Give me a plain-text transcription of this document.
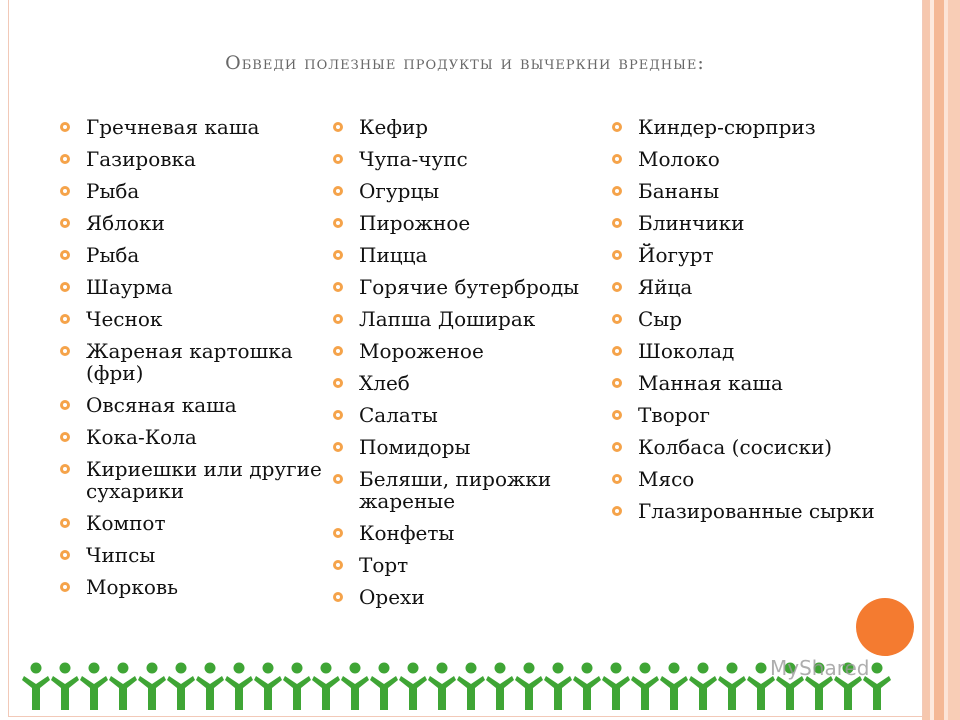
Обведи полезные продукты и вычеркни вредные:
Гречневая каша
Газировка
Рыба
Яблоки
Рыба
Шаурма
Чеснок
Жареная картошка (фри)
Овсяная каша
Кока-Кола
Кириешки или другие сухарики
Компот
Чипсы
Морковь
Кефир
Чупа-чупс
Огурцы
Пирожное
Пицца
Горячие бутерброды
Лапша Доширак
Мороженое
Хлеб
Салаты
Помидоры
Беляши, пирожки жареные
Конфеты
Торт
Орехи
Киндер-сюрприз
Молоко
Бананы
Блинчики
Йогурт
Яйца
Сыр
Шоколад
Манная каша
Творог
Колбаса (сосиски)
Мясо
Глазированные сырки
MyShared
